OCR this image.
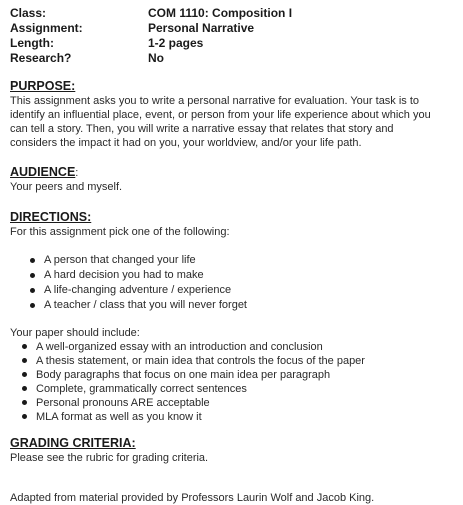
Class:	COM 1110: Composition I
Assignment:	Personal Narrative
Length:	1-2 pages
Research?	No
PURPOSE:
This assignment asks you to write a personal narrative for evaluation. Your task is to
identify an influential place, event, or person from your life experience about which you
can tell a story. Then, you will write a narrative essay that relates that story and
considers the impact it had on you, your worldview, and/or your life path.
AUDIENCE:
Your peers and myself.
DIRECTIONS:
For this assignment pick one of the following:
A person that changed your life
A hard decision you had to make
A life-changing adventure / experience
A teacher / class that you will never forget
Your paper should include:
A well-organized essay with an introduction and conclusion
A thesis statement, or main idea that controls the focus of the paper
Body paragraphs that focus on one main idea per paragraph
Complete, grammatically correct sentences
Personal pronouns ARE acceptable
MLA format as well as you know it
GRADING CRITERIA:
Please see the rubric for grading criteria.
Adapted from material provided by Professors Laurin Wolf and Jacob King.
